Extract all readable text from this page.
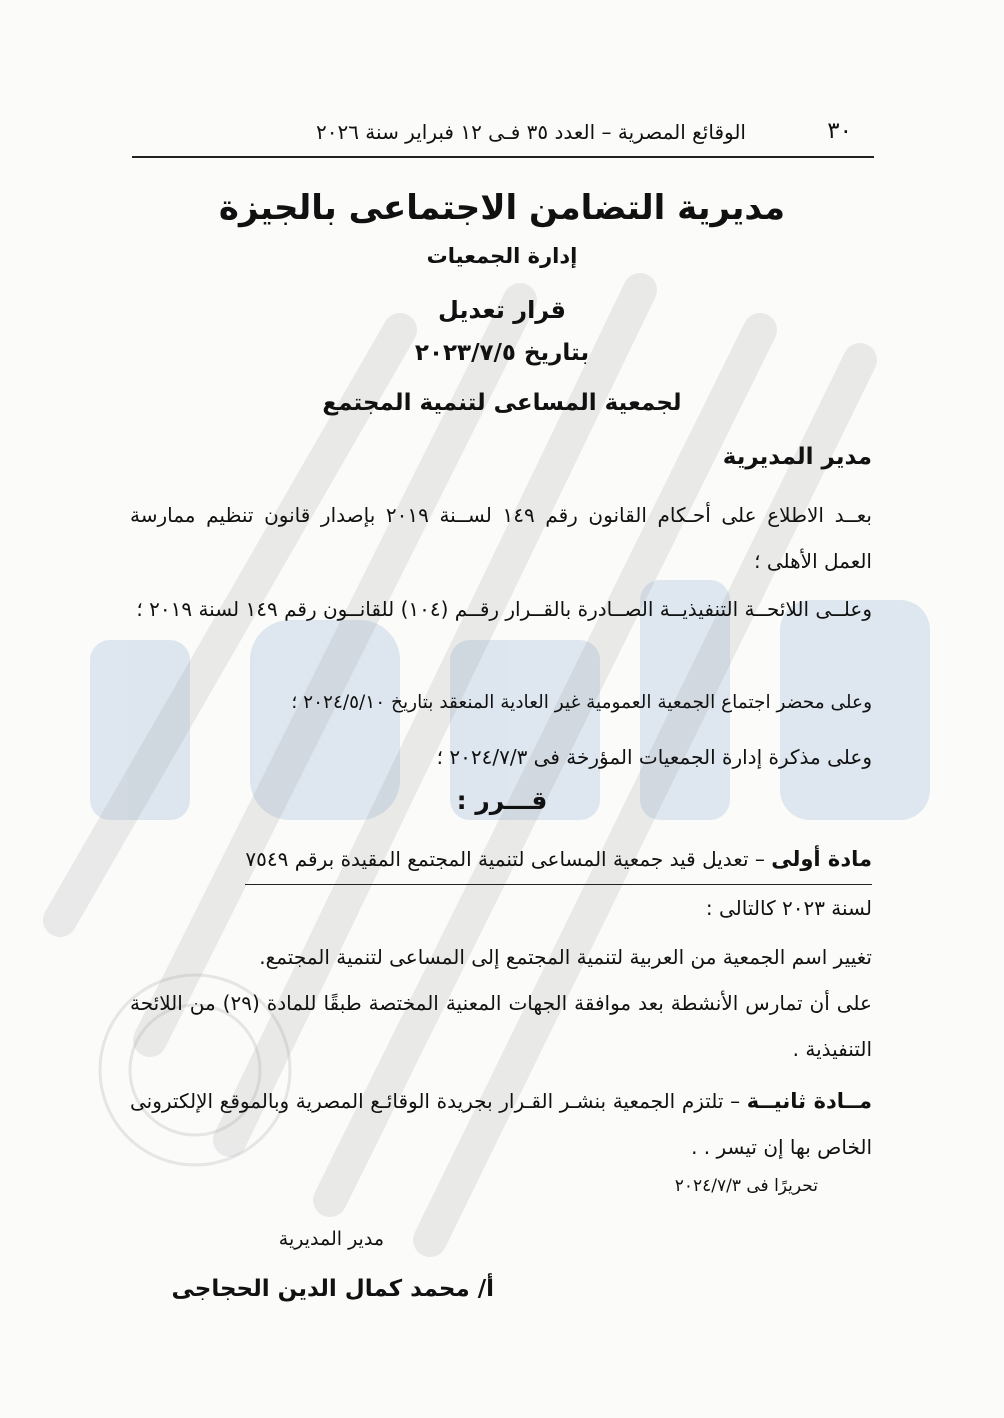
٣٠
الوقائع المصرية – العدد ٣٥ فـى ١٢ فبراير سنة ٢٠٢٦
مديرية التضامن الاجتماعى بالجيزة
إدارة الجمعيات
قرار تعديل
بتاريخ ٢٠٢٣/٧/٥
لجمعية المساعى لتنمية المجتمع
مدير المديرية
بعــد الاطلاع على أحـكام القانون رقم ١٤٩ لســنة ٢٠١٩ بإصدار قانون تنظيم ممارسة العمل الأهلى ؛
وعلــى اللائحــة التنفيذيــة الصــادرة بالقــرار رقــم (١٠٤) للقانــون رقم ١٤٩ لسنة ٢٠١٩ ؛
وعلى محضر اجتماع الجمعية العمومية غير العادية المنعقد بتاريخ ٢٠٢٤/٥/١٠ ؛
وعلى مذكرة إدارة الجمعيات المؤرخة فى ٢٠٢٤/٧/٣ ؛
قـــرر :
مادة أولى – تعديل قيد جمعية المساعى لتنمية المجتمع المقيدة برقم ٧٥٤٩
لسنة ٢٠٢٣ كالتالى :
تغيير اسم الجمعية من العربية لتنمية المجتمع إلى المساعى لتنمية المجتمع.
على أن تمارس الأنشطة بعد موافقة الجهات المعنية المختصة طبقًا للمادة (٢٩) من اللائحة التنفيذية .
مــادة ثانيــة – تلتزم الجمعية بنشـر القـرار بجريدة الوقائـع المصرية وبالموقع الإلكترونى الخاص بها إن تيسر . .
تحريرًا فى ٢٠٢٤/٧/٣
مدير المديرية
أ/ محمد كمال الدين الحجاجى
